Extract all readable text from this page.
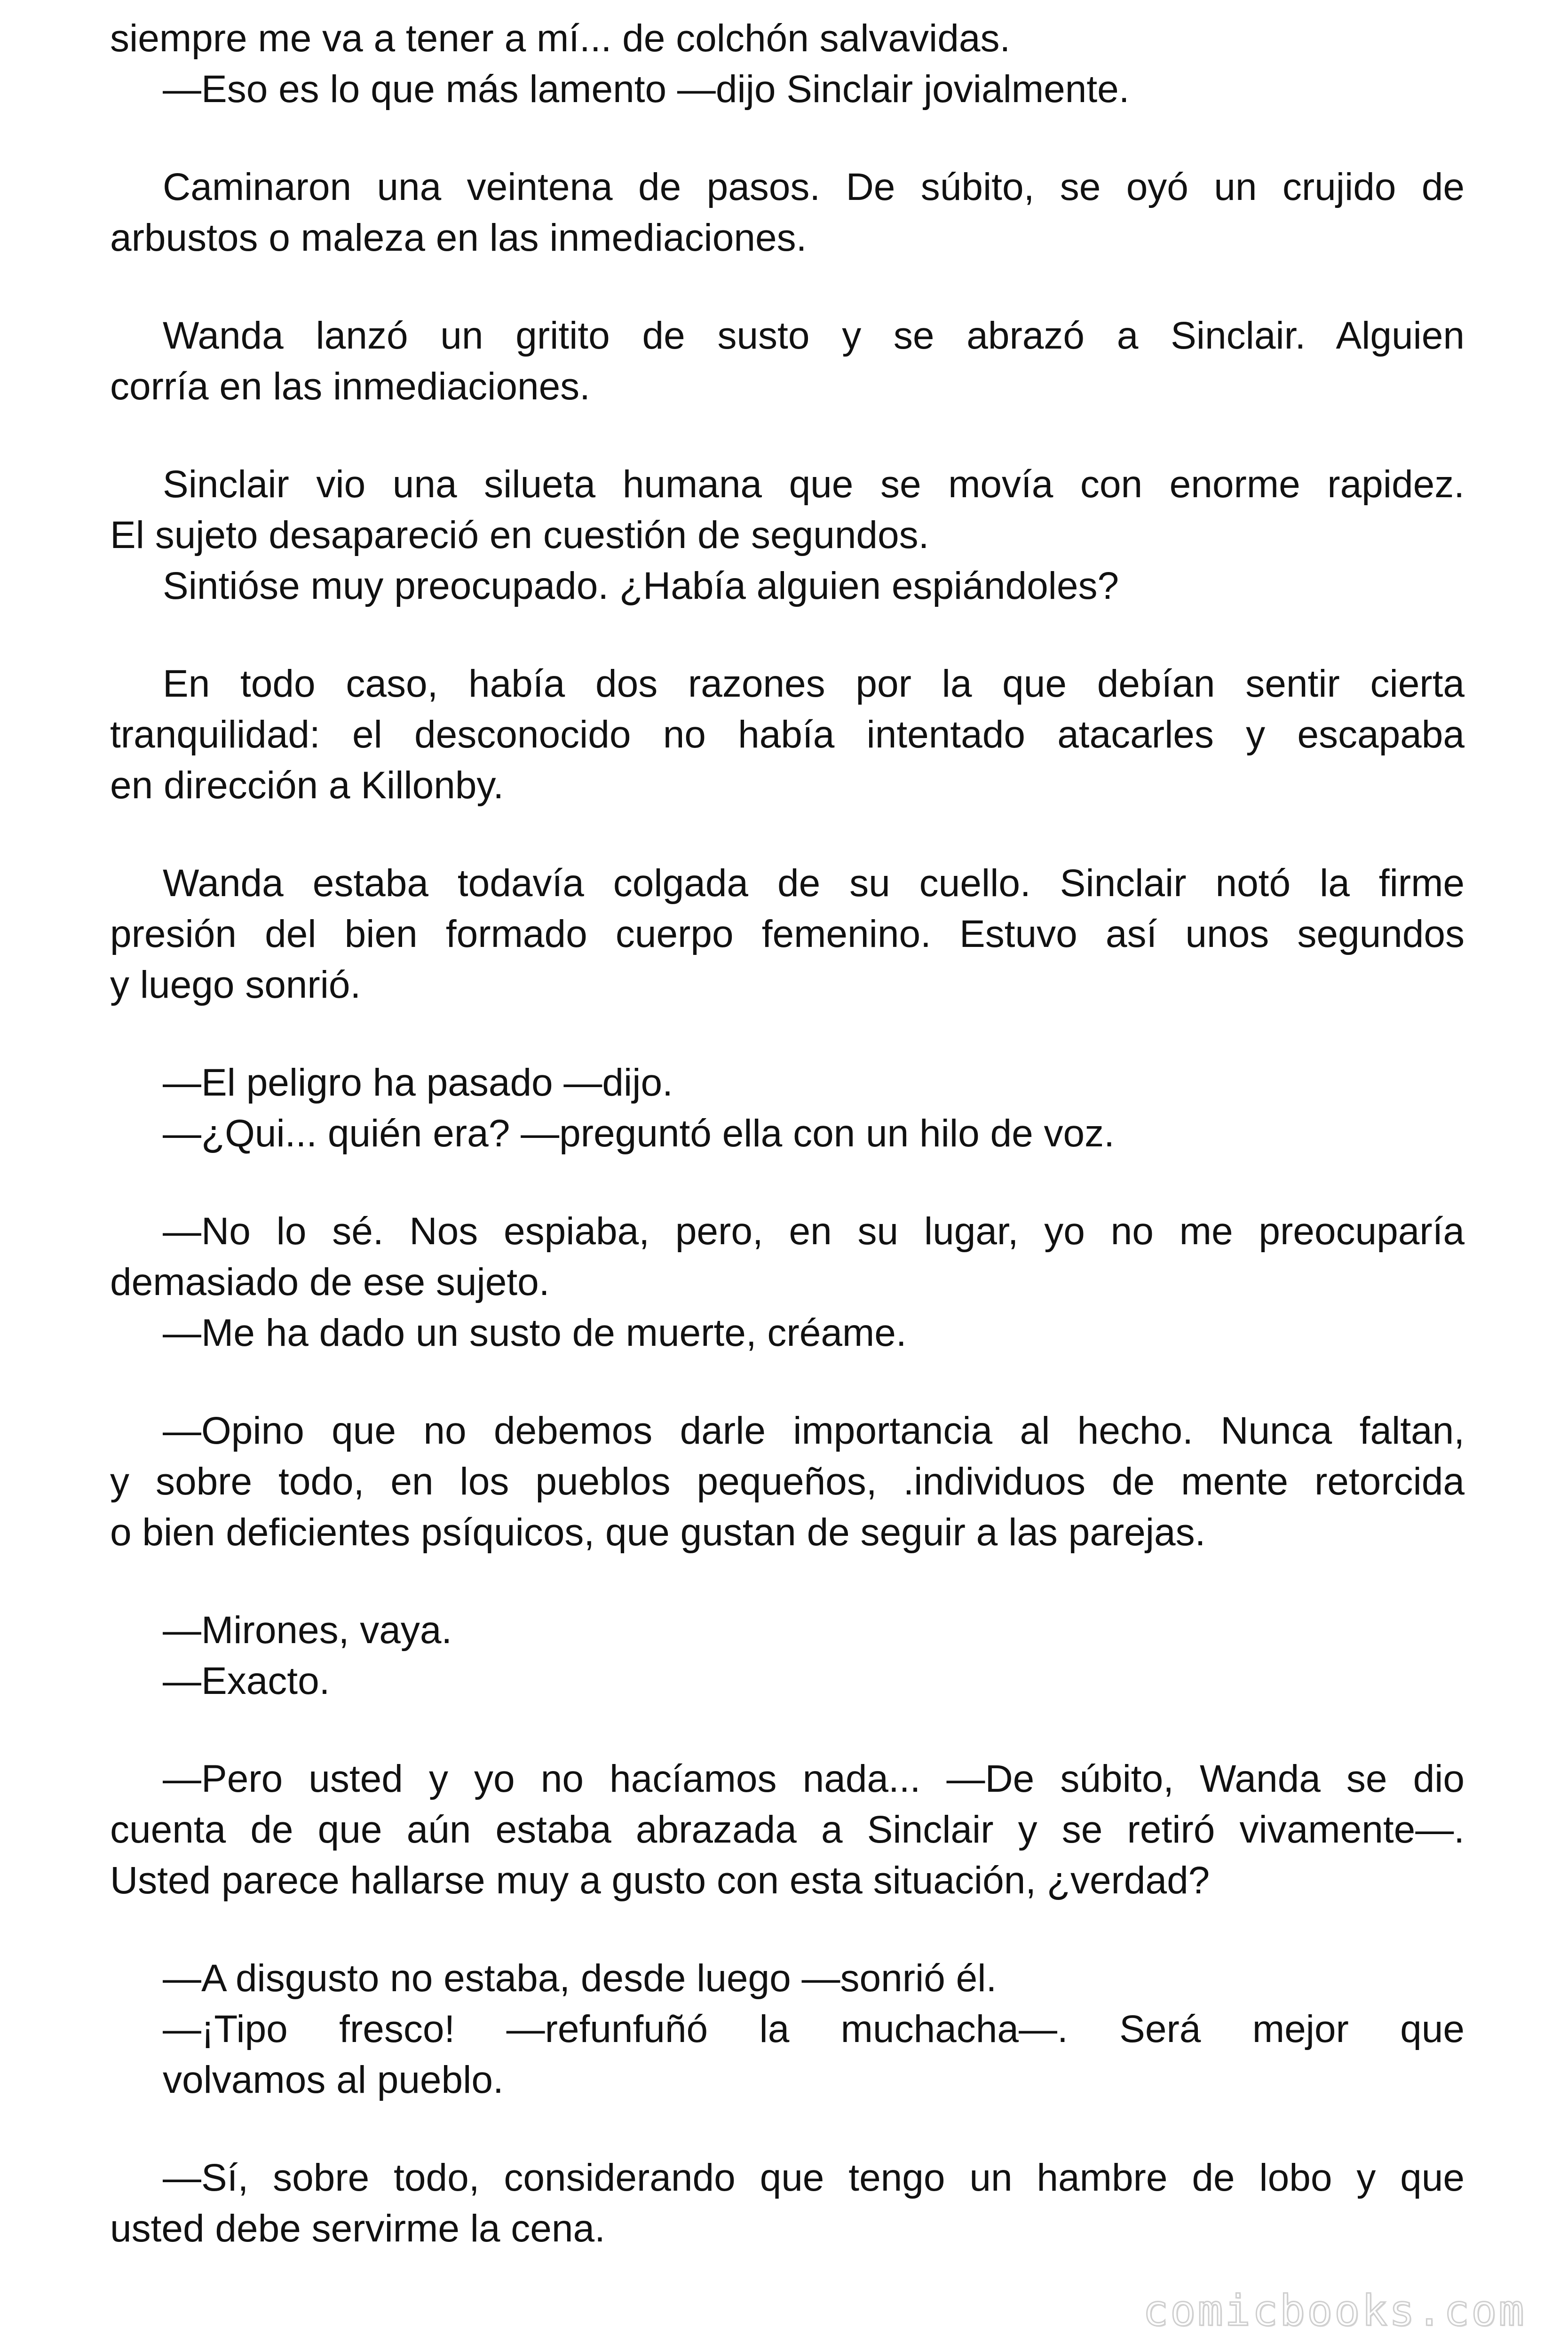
siempre me va a tener a mí... de colchón salvavidas.
—Eso es lo que más lamento —dijo Sinclair jovialmente.
Caminaron una veintena de pasos. De súbito, se oyó un crujido de
arbustos o maleza en las inmediaciones.
Wanda lanzó un gritito de susto y se abrazó a Sinclair. Alguien
corría en las inmediaciones.
Sinclair vio una silueta humana que se movía con enorme rapidez.
El sujeto desapareció en cuestión de segundos.
Sintióse muy preocupado. ¿Había alguien espiándoles?
En todo caso, había dos razones por la que debían sentir cierta
tranquilidad: el desconocido no había intentado atacarles y escapaba
en dirección a Killonby.
Wanda estaba todavía colgada de su cuello. Sinclair notó la firme
presión del bien formado cuerpo femenino. Estuvo así unos segundos
y luego sonrió.
—El peligro ha pasado —dijo.
—¿Qui... quién era? —preguntó ella con un hilo de voz.
—No lo sé. Nos espiaba, pero, en su lugar, yo no me preocuparía
demasiado de ese sujeto.
—Me ha dado un susto de muerte, créame.
—Opino que no debemos darle importancia al hecho. Nunca faltan,
y sobre todo, en los pueblos pequeños, .individuos de mente retorcida
o bien deficientes psíquicos, que gustan de seguir a las parejas.
—Mirones, vaya.
—Exacto.
—Pero usted y yo no hacíamos nada... —De súbito, Wanda se dio
cuenta de que aún estaba abrazada a Sinclair y se retiró vivamente—.
Usted parece hallarse muy a gusto con esta situación, ¿verdad?
—A disgusto no estaba, desde luego —sonrió él.
—¡Tipo fresco! —refunfuñó la muchacha—. Será mejor que
volvamos al pueblo.
—Sí, sobre todo, considerando que tengo un hambre de lobo y que
usted debe servirme la cena.
comicbooks.com
